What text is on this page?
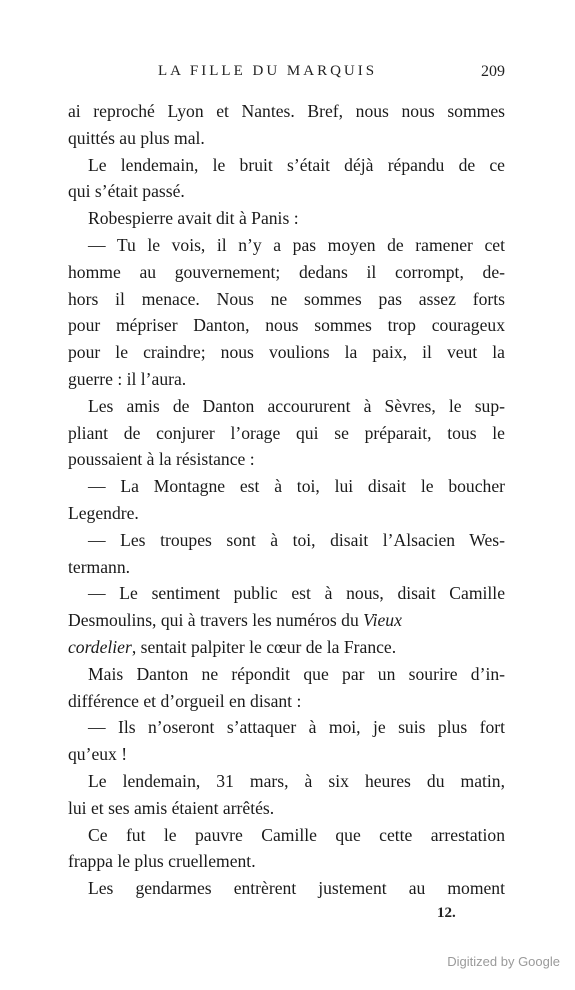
LA FILLE DU MARQUIS	209
ai reproché Lyon et Nantes. Bref, nous nous sommes
quittés au plus mal.
Le lendemain, le bruit s’était déjà répandu de ce
qui s’était passé.
Robespierre avait dit à Panis :
— Tu le vois, il n’y a pas moyen de ramener cet
homme au gouvernement; dedans il corrompt, de-
hors il menace. Nous ne sommes pas assez forts
pour mépriser Danton, nous sommes trop courageux
pour le craindre; nous voulions la paix, il veut la
guerre : il l’aura.
Les amis de Danton accoururent à Sèvres, le sup-
pliant de conjurer l’orage qui se préparait, tous le
poussaient à la résistance :
— La Montagne est à toi, lui disait le boucher
Legendre.
— Les troupes sont à toi, disait l’Alsacien Wes-
termann.
— Le sentiment public est à nous, disait Camille
Desmoulins, qui à travers les numéros du Vieux
cordelier, sentait palpiter le cœur de la France.
Mais Danton ne répondit que par un sourire d’in-
différence et d’orgueil en disant :
— Ils n’oseront s’attaquer à moi, je suis plus fort
qu’eux !
Le lendemain, 31 mars, à six heures du matin,
lui et ses amis étaient arrêtés.
Ce fut le pauvre Camille que cette arrestation
frappa le plus cruellement.
Les gendarmes entrèrent justement au moment
12.
Digitized by Google
